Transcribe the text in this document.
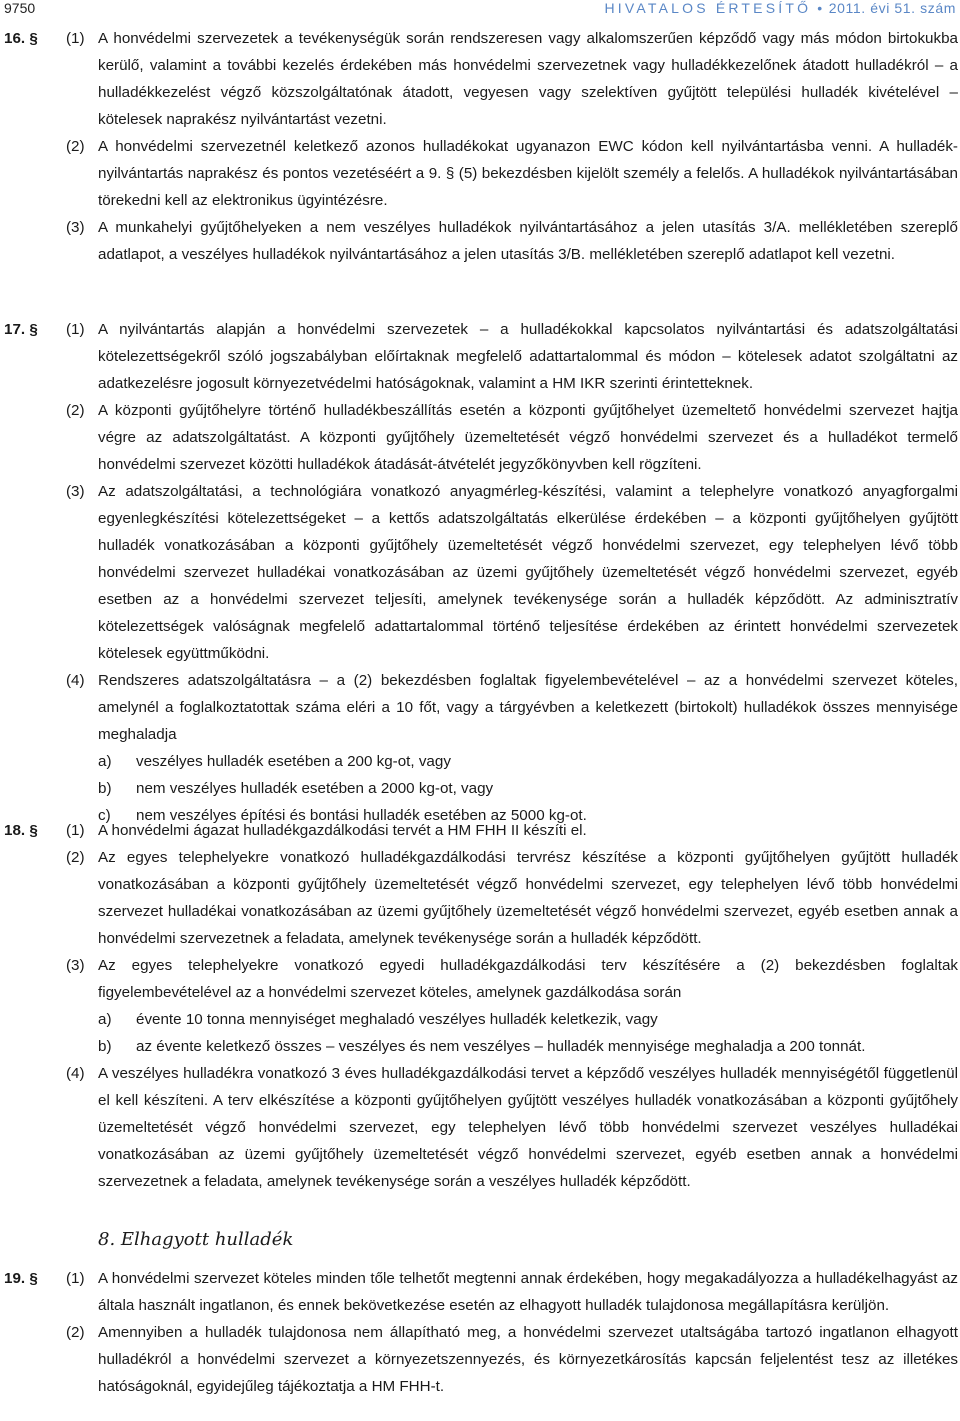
9750	HIVATALOS ÉRTESÍTŐ • 2011. évi 51. szám
16. §	(1) A honvédelmi szervezetek a tevékenységük során rendszeresen vagy alkalomszerűen képződő vagy más módon birtokukba kerülő, valamint a további kezelés érdekében más honvédelmi szervezetnek vagy hulladékkezelőnek átadott hulladékról – a hulladékkezelést végző közszolgáltatónak átadott, vegyesen vagy szelektíven gyűjtött települési hulladék kivételével – kötelesek naprakész nyilvántartást vezetni.
(2) A honvédelmi szervezetnél keletkező azonos hulladékokat ugyanazon EWC kódon kell nyilvántartásba venni. A hulladék-nyilvántartás naprakész és pontos vezetéséért a 9. § (5) bekezdésben kijelölt személy a felelős. A hulladékok nyilvántartásában törekedni kell az elektronikus ügyintézésre.
(3) A munkahelyi gyűjtőhelyeken a nem veszélyes hulladékok nyilvántartásához a jelen utasítás 3/A. mellékletében szereplő adatlapot, a veszélyes hulladékok nyilvántartásához a jelen utasítás 3/B. mellékletében szereplő adatlapot kell vezetni.
17. §	(1) A nyilvántartás alapján a honvédelmi szervezetek – a hulladékokkal kapcsolatos nyilvántartási és adatszolgáltatási kötelezettségekről szóló jogszabályban előírtaknak megfelelő adattartalommal és módon – kötelesek adatot szolgáltatni az adatkezelésre jogosult környezetvédelmi hatóságoknak, valamint a HM IKR szerinti érintetteknek.
(2) A központi gyűjtőhelyre történő hulladékbeszállítás esetén a központi gyűjtőhelyet üzemeltető honvédelmi szervezet hajtja végre az adatszolgáltatást. A központi gyűjtőhely üzemeltetését végző honvédelmi szervezet és a hulladékot termelő honvédelmi szervezet közötti hulladékok átadását-átvételét jegyzőkönyvben kell rögzíteni.
(3) Az adatszolgáltatási, a technológiára vonatkozó anyagmérleg-készítési, valamint a telephelyre vonatkozó anyagforgalmi egyenlegkészítési kötelezettségeket – a kettős adatszolgáltatás elkerülése érdekében – a központi gyűjtőhelyen gyűjtött hulladék vonatkozásában a központi gyűjtőhely üzemeltetését végző honvédelmi szervezet, egy telephelyen lévő több honvédelmi szervezet hulladékai vonatkozásában az üzemi gyűjtőhely üzemeltetését végző honvédelmi szervezet, egyéb esetben az a honvédelmi szervezet teljesíti, amelynek tevékenysége során a hulladék képződött. Az adminisztratív kötelezettségek valóságnak megfelelő adattartalommal történő teljesítése érdekében az érintett honvédelmi szervezetek kötelesek együttműködni.
(4) Rendszeres adatszolgáltatásra – a (2) bekezdésben foglaltak figyelembevételével – az a honvédelmi szervezet köteles, amelynél a foglalkoztatottak száma eléri a 10 főt, vagy a tárgyévben a keletkezett (birtokolt) hulladékok összes mennyisége meghaladja
a) veszélyes hulladék esetében a 200 kg-ot, vagy
b) nem veszélyes hulladék esetében a 2000 kg-ot, vagy
c) nem veszélyes építési és bontási hulladék esetében az 5000 kg-ot.
18. §	(1) A honvédelmi ágazat hulladékgazdálkodási tervét a HM FHH II készíti el.
(2) Az egyes telephelyekre vonatkozó hulladékgazdálkodási tervrész készítése a központi gyűjtőhelyen gyűjtött hulladék vonatkozásában a központi gyűjtőhely üzemeltetését végző honvédelmi szervezet, egy telephelyen lévő több honvédelmi szervezet hulladékai vonatkozásában az üzemi gyűjtőhely üzemeltetését végző honvédelmi szervezet, egyéb esetben annak a honvédelmi szervezetnek a feladata, amelynek tevékenysége során a hulladék képződött.
(3) Az egyes telephelyekre vonatkozó egyedi hulladékgazdálkodási terv készítésére a (2) bekezdésben foglaltak figyelembevételével az a honvédelmi szervezet köteles, amelynek gazdálkodása során
a) évente 10 tonna mennyiséget meghaladó veszélyes hulladék keletkezik, vagy
b) az évente keletkező összes – veszélyes és nem veszélyes – hulladék mennyisége meghaladja a 200 tonnát.
(4) A veszélyes hulladékra vonatkozó 3 éves hulladékgazdálkodási tervet a képződő veszélyes hulladék mennyiségétől függetlenül el kell készíteni. A terv elkészítése a központi gyűjtőhelyen gyűjtött veszélyes hulladék vonatkozásában a központi gyűjtőhely üzemeltetését végző honvédelmi szervezet, egy telephelyen lévő több honvédelmi szervezet veszélyes hulladékai vonatkozásában az üzemi gyűjtőhely üzemeltetését végző honvédelmi szervezet, egyéb esetben annak a honvédelmi szervezetnek a feladata, amelynek tevékenysége során a veszélyes hulladék képződött.
8. Elhagyott hulladék
19. §	(1) A honvédelmi szervezet köteles minden tőle telhetőt megtenni annak érdekében, hogy megakadályozza a hulladékelhagyást az általa használt ingatlanon, és ennek bekövetkezése esetén az elhagyott hulladék tulajdonosa megállapításra kerüljön.
(2) Amennyiben a hulladék tulajdonosa nem állapítható meg, a honvédelmi szervezet utaltságába tartozó ingatlanon elhagyott hulladékról a honvédelmi szervezet a környezetszennyezés, és környezetkárosítás kapcsán feljelentést tesz az illetékes hatóságoknál, egyidejűleg tájékoztatja a HM FHH-t.
